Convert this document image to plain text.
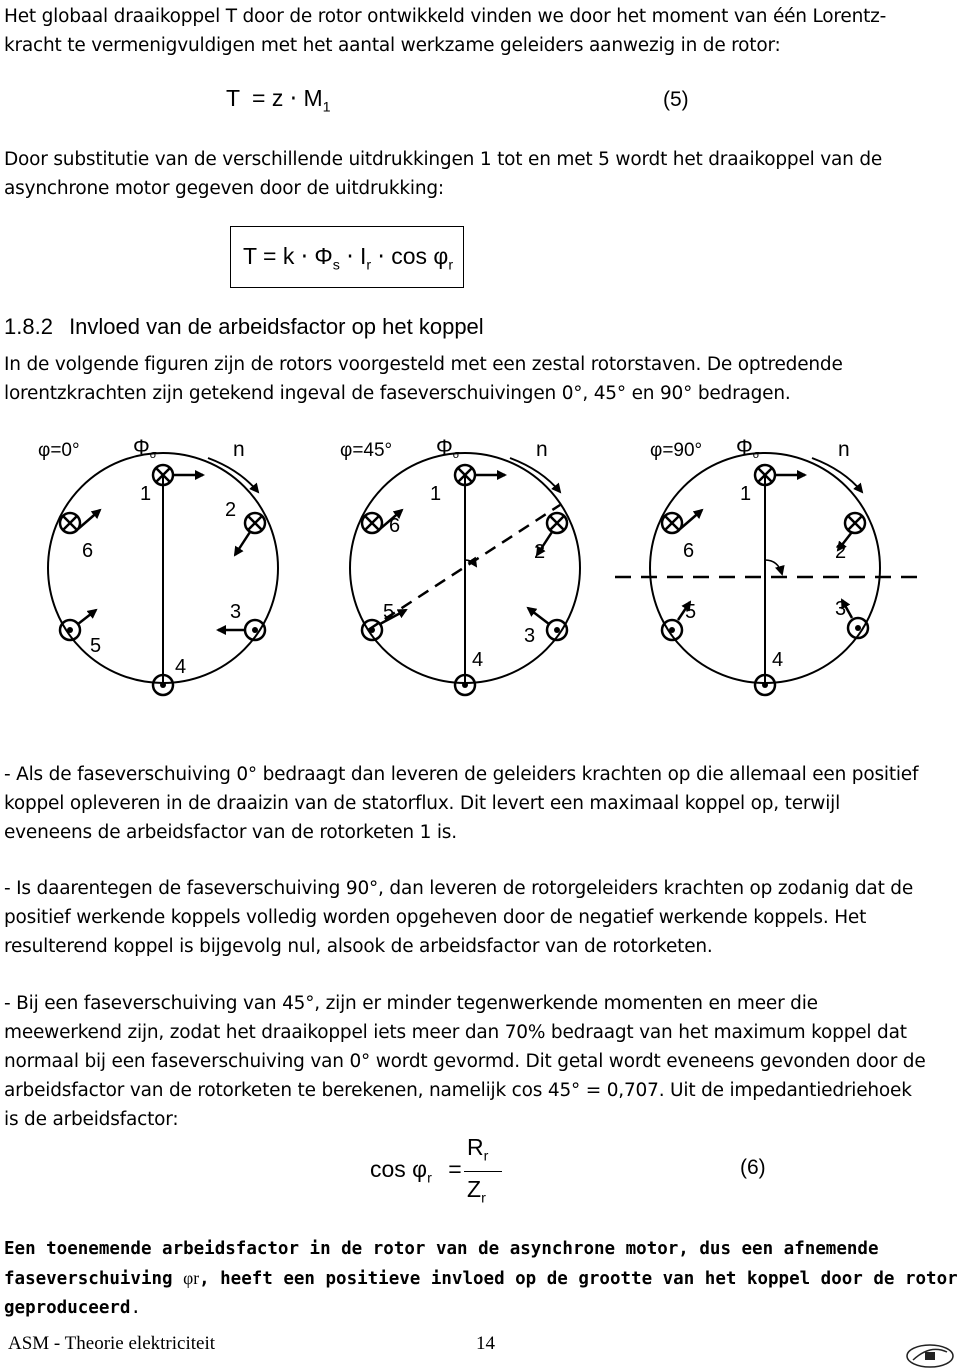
Het globaal draaikoppel T door de rotor ontwikkeld vinden we door het moment van één Lorentz-
kracht te vermenigvuldigen met het aantal werkzame geleiders aanwezig in de rotor:
$T = z \cdot M_1$	(5)
Door substitutie van de verschillende uitdrukkingen 1 tot en met 5 wordt het draaikoppel van de
asynchrone motor gegeven door de uitdrukking:
$T = k \cdot \Phi_s \cdot I_r \cdot \cos \varphi_r$
1.8.2 Invloed van de arbeidsfactor op het koppel
In de volgende figuren zijn de rotors voorgesteld met een zestal rotorstaven. De optredende
lorentzkrachten zijn getekend ingeval de faseverschuivingen 0°, 45° en 90° bedragen.
φ=0°	Φσ	n
1
2
3
4
5
6
φ=45° Φσ	n
1
2
3
4
5
6
φ=90° Φσ	n
1
2
3
4
5
6
- Als de faseverschuiving 0° bedraagt dan leveren de geleiders krachten op die allemaal een positief
koppel opleveren in de draaizin van de statorflux. Dit levert een maximaal koppel op, terwijl
eveneens de arbeidsfactor van de rotorketen 1 is.
- Is daarentegen de faseverschuiving 90°, dan leveren de rotorgeleiders krachten op zodanig dat de
positief werkende koppels volledig worden opgeheven door de negatief werkende koppels. Het
resulterend koppel is bijgevolg nul, alsook de arbeidsfactor van de rotorketen.
- Bij een faseverschuiving van 45°, zijn er minder tegenwerkende momenten en meer die
meewerkend zijn, zodat het draaikoppel iets meer dan 70% bedraagt van het maximum koppel dat
normaal bij een faseverschuiving van 0° wordt gevormd. Dit getal wordt eveneens gevonden door de
arbeidsfactor van de rotorketen te berekenen, namelijk cos 45° = 0,707. Uit de impedantiedriehoek
is de arbeidsfactor:
$\cos \varphi_r$ =
$R_r$
$Z_r$
(6)
Een toenemende arbeidsfactor in de rotor van de asynchrone motor, dus een afnemende
faseverschuiving φr, heeft een positieve invloed op de grootte van het koppel door de rotor
geproduceerd.
ASM - Theorie elektriciteit	14
